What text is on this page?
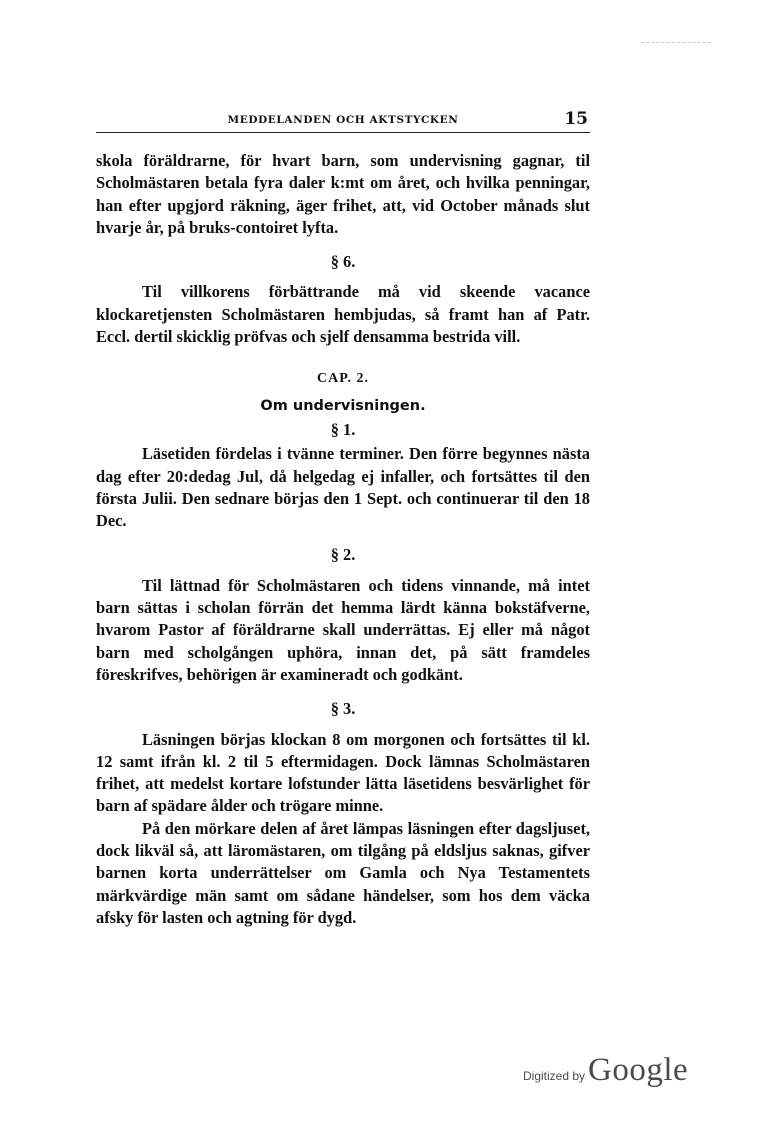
MEDDELANDEN OCH AKTSTYCKEN	15

skola föräldrarne, för hvart barn, som undervisning gagnar, til Scholmästaren betala fyra daler k:mt om året, och hvilka penningar, han efter upgjord räkning, äger frihet, att, vid October månads slut hvarje år, på bruks-contoiret lyfta.

§ 6.

Til villkorens förbättrande må vid skeende vacance klockaretjensten Scholmästaren hembjudas, så framt han af Patr. Eccl. dertil skicklig pröfvas och sjelf densamma bestrida vill.

CAP. 2.
Om undervisningen.
§ 1.

Läsetiden fördelas i tvänne terminer. Den förre begynnes nästa dag efter 20:dedag Jul, då helgedag ej infaller, och fortsättes til den första Julii. Den sednare börjas den 1 Sept. och continuerar til den 18 Dec.

§ 2.

Til lättnad för Scholmästaren och tidens vinnande, må intet barn sättas i scholan förrän det hemma lärdt känna bokstäfverne, hvarom Pastor af föräldrarne skall underrättas. Ej eller må något barn med scholgången uphöra, innan det, på sätt framdeles föreskrifves, behörigen är examineradt och godkänt.

§ 3.

Läsningen börjas klockan 8 om morgonen och fortsättes til kl. 12 samt ifrån kl. 2 til 5 eftermidagen. Dock lämnas Scholmästaren frihet, att medelst kortare lofstunder lätta läsetidens besvärlighet för barn af spädare ålder och trögare minne.

På den mörkare delen af året lämpas läsningen efter dagsljuset, dock likväl så, att läromästaren, om tilgång på eldsljus saknas, gifver barnen korta underrättelser om Gamla och Nya Testamentets märkvärdige män samt om sådane händelser, som hos dem väcka afsky för lasten och agtning för dygd.

Digitized by Google
